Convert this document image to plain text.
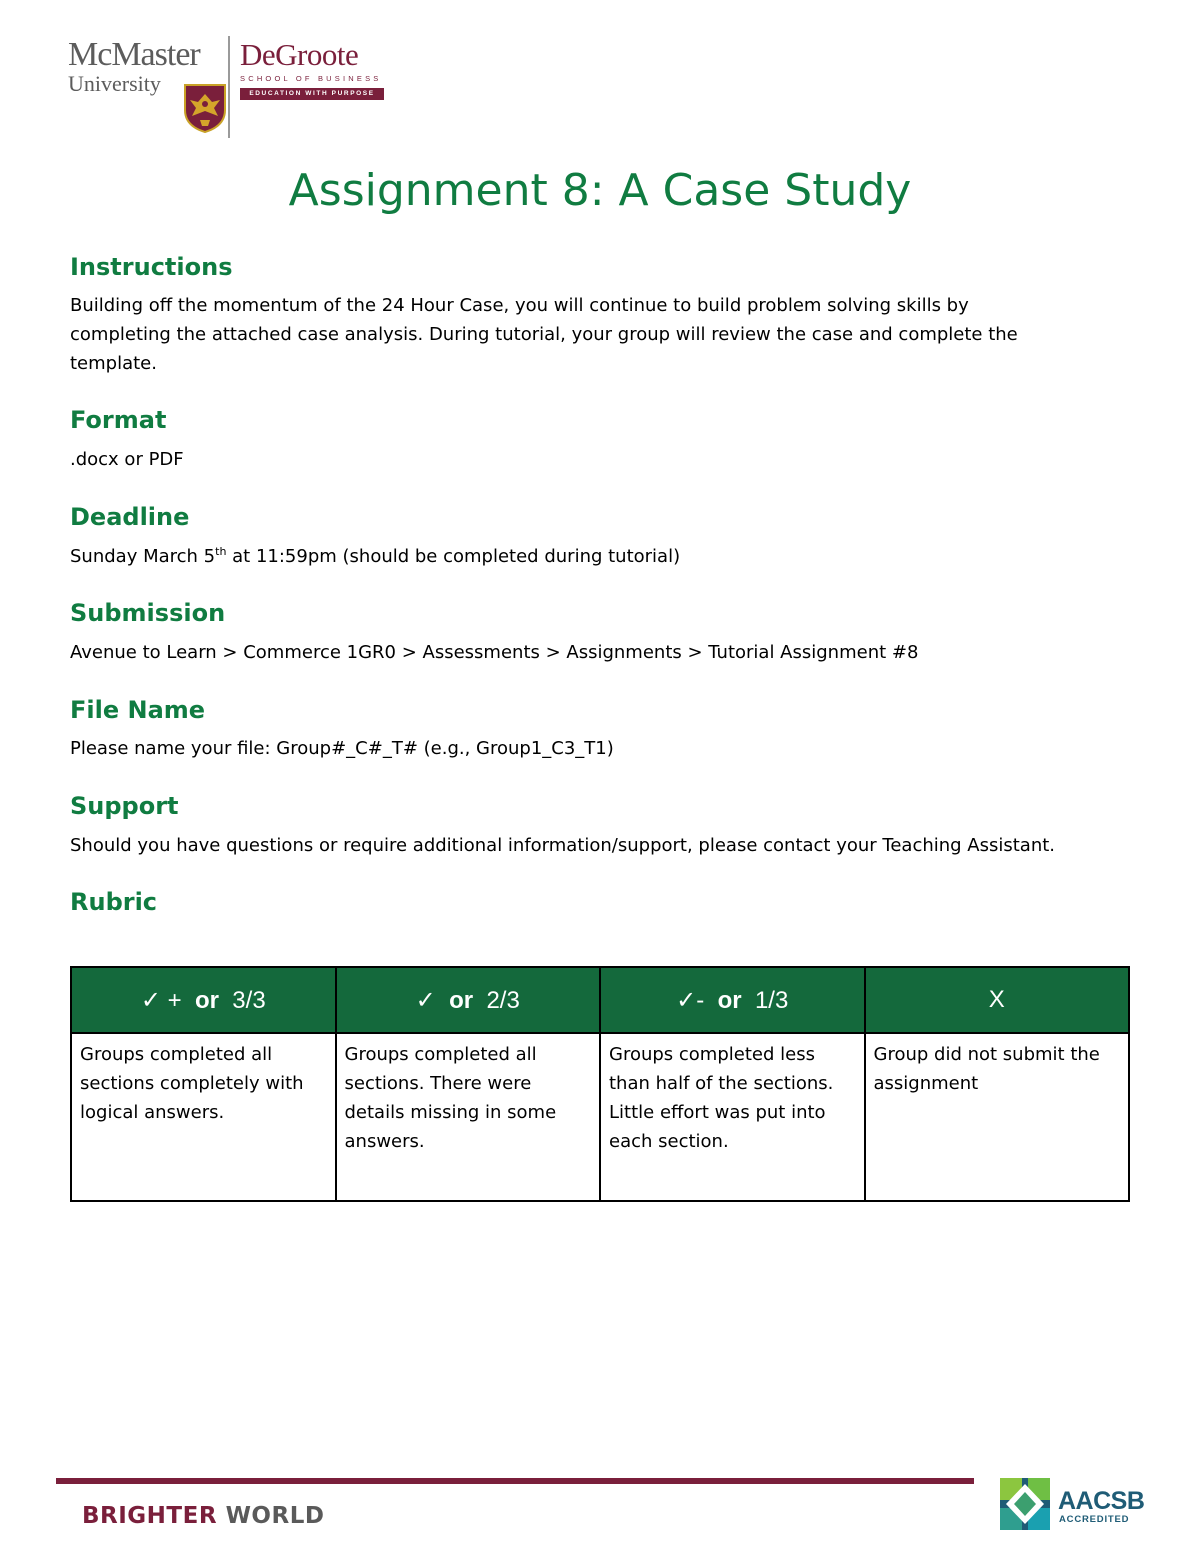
McMaster
University
DeGroote
SCHOOL OF BUSINESS
EDUCATION WITH PURPOSE
Assignment 8: A Case Study
Instructions
Building off the momentum of the 24 Hour Case, you will continue to build problem solving skills by
completing the attached case analysis. During tutorial, your group will review the case and complete the
template.
Format
.docx or PDF
Deadline
Sunday March 5th at 11:59pm (should be completed during tutorial)
Submission
Avenue to Learn > Commerce 1GR0 > Assessments > Assignments > Tutorial Assignment #8
File Name
Please name your file: Group#_C#_T# (e.g., Group1_C3_T1)
Support
Should you have questions or require additional information/support, please contact your Teaching Assistant.
Rubric
✓ + or 3/3	✓ or 2/3	✓- or 1/3	X
Groups completed all sections completely with logical answers.	Groups completed all sections. There were details missing in some answers.	Groups completed less than half of the sections. Little effort was put into each section.	Group did not submit the assignment
BRIGHTER WORLD
AACSB
ACCREDITED
